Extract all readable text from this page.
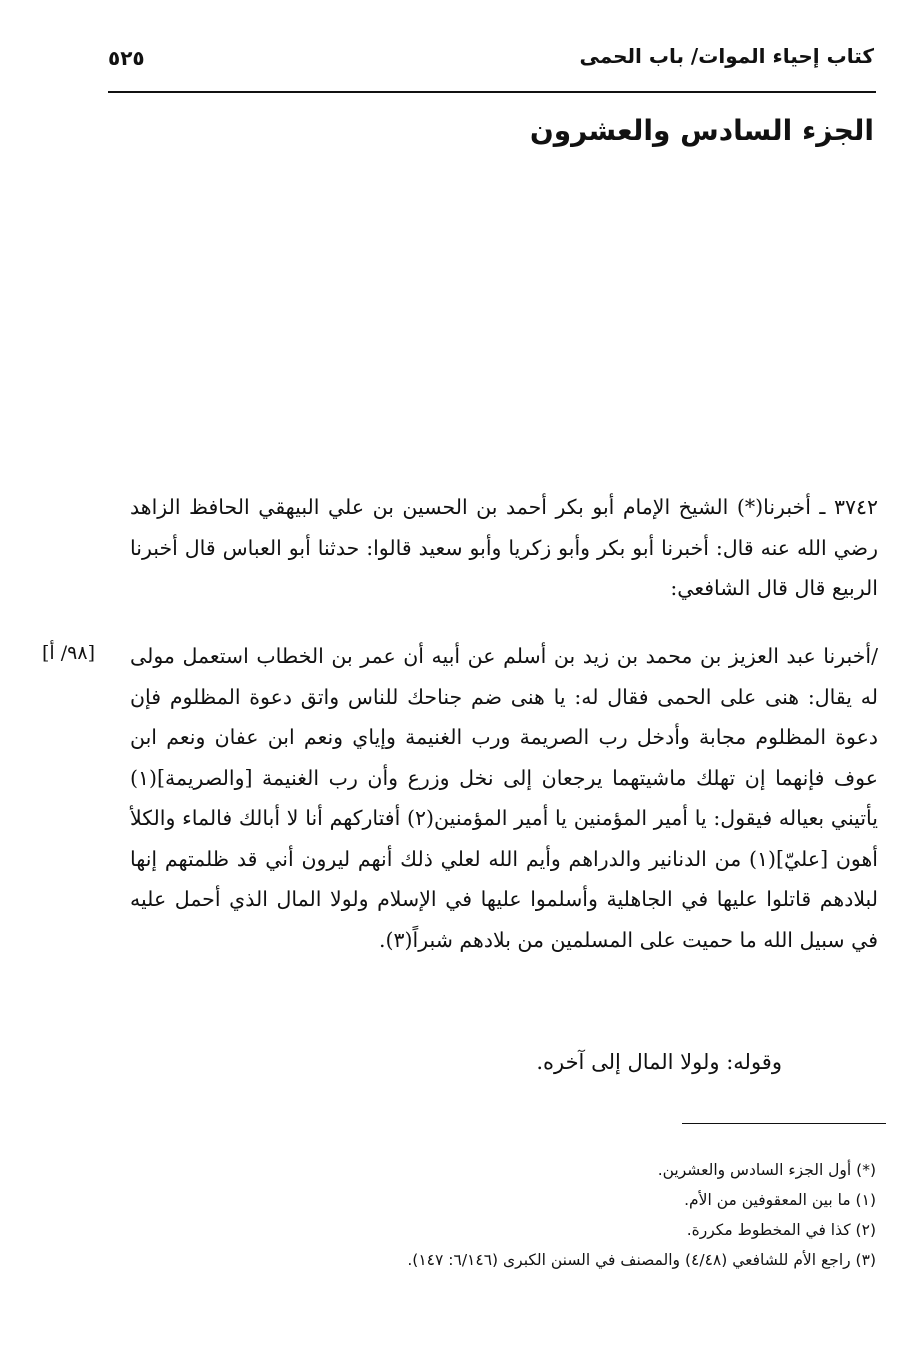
كتاب إحياء الموات/ باب الحمى
٥٢٥
الجزء السادس والعشرون
٣٧٤٢ ـ أخبرنا(*) الشيخ الإمام أبو بكر أحمد بن الحسين بن علي البيهقي الحافظ الزاهد رضي الله عنه قال: أخبرنا أبو بكر وأبو زكريا وأبو سعيد قالوا: حدثنا أبو العباس قال أخبرنا الربيع قال قال الشافعي:
[٩٨/ أ] /أخبرنا عبد العزيز بن محمد بن زيد بن أسلم عن أبيه أن عمر بن الخطاب استعمل مولى له يقال: هنى على الحمى فقال له: يا هنى ضم جناحك للناس واتق دعوة المظلوم فإن دعوة المظلوم مجابة وأدخل رب الصريمة ورب الغنيمة وإياي ونعم ابن عفان ونعم ابن عوف فإنهما إن تهلك ماشيتهما يرجعان إلى نخل وزرع وأن رب الغنيمة [والصريمة](١) يأتيني بعياله فيقول: يا أمير المؤمنين يا أمير المؤمنين(٢) أفتاركهم أنا لا أبالك فالماء والكلأ أهون [عليّ](١) من الدنانير والدراهم وأيم الله لعلي ذلك أنهم ليرون أني قد ظلمتهم إنها لبلادهم قاتلوا عليها في الجاهلية وأسلموا عليها في الإسلام ولولا المال الذي أحمل عليه في سبيل الله ما حميت على المسلمين من بلادهم شبراً(٣).
وقوله: ولولا المال إلى آخره.
(*) أول الجزء السادس والعشرين.
(١) ما بين المعقوفين من الأم.
(٢) كذا في المخطوط مكررة.
(٣) راجع الأم للشافعي (٤/٤٨) والمصنف في السنن الكبرى (٦/١٤٦: ١٤٧).
